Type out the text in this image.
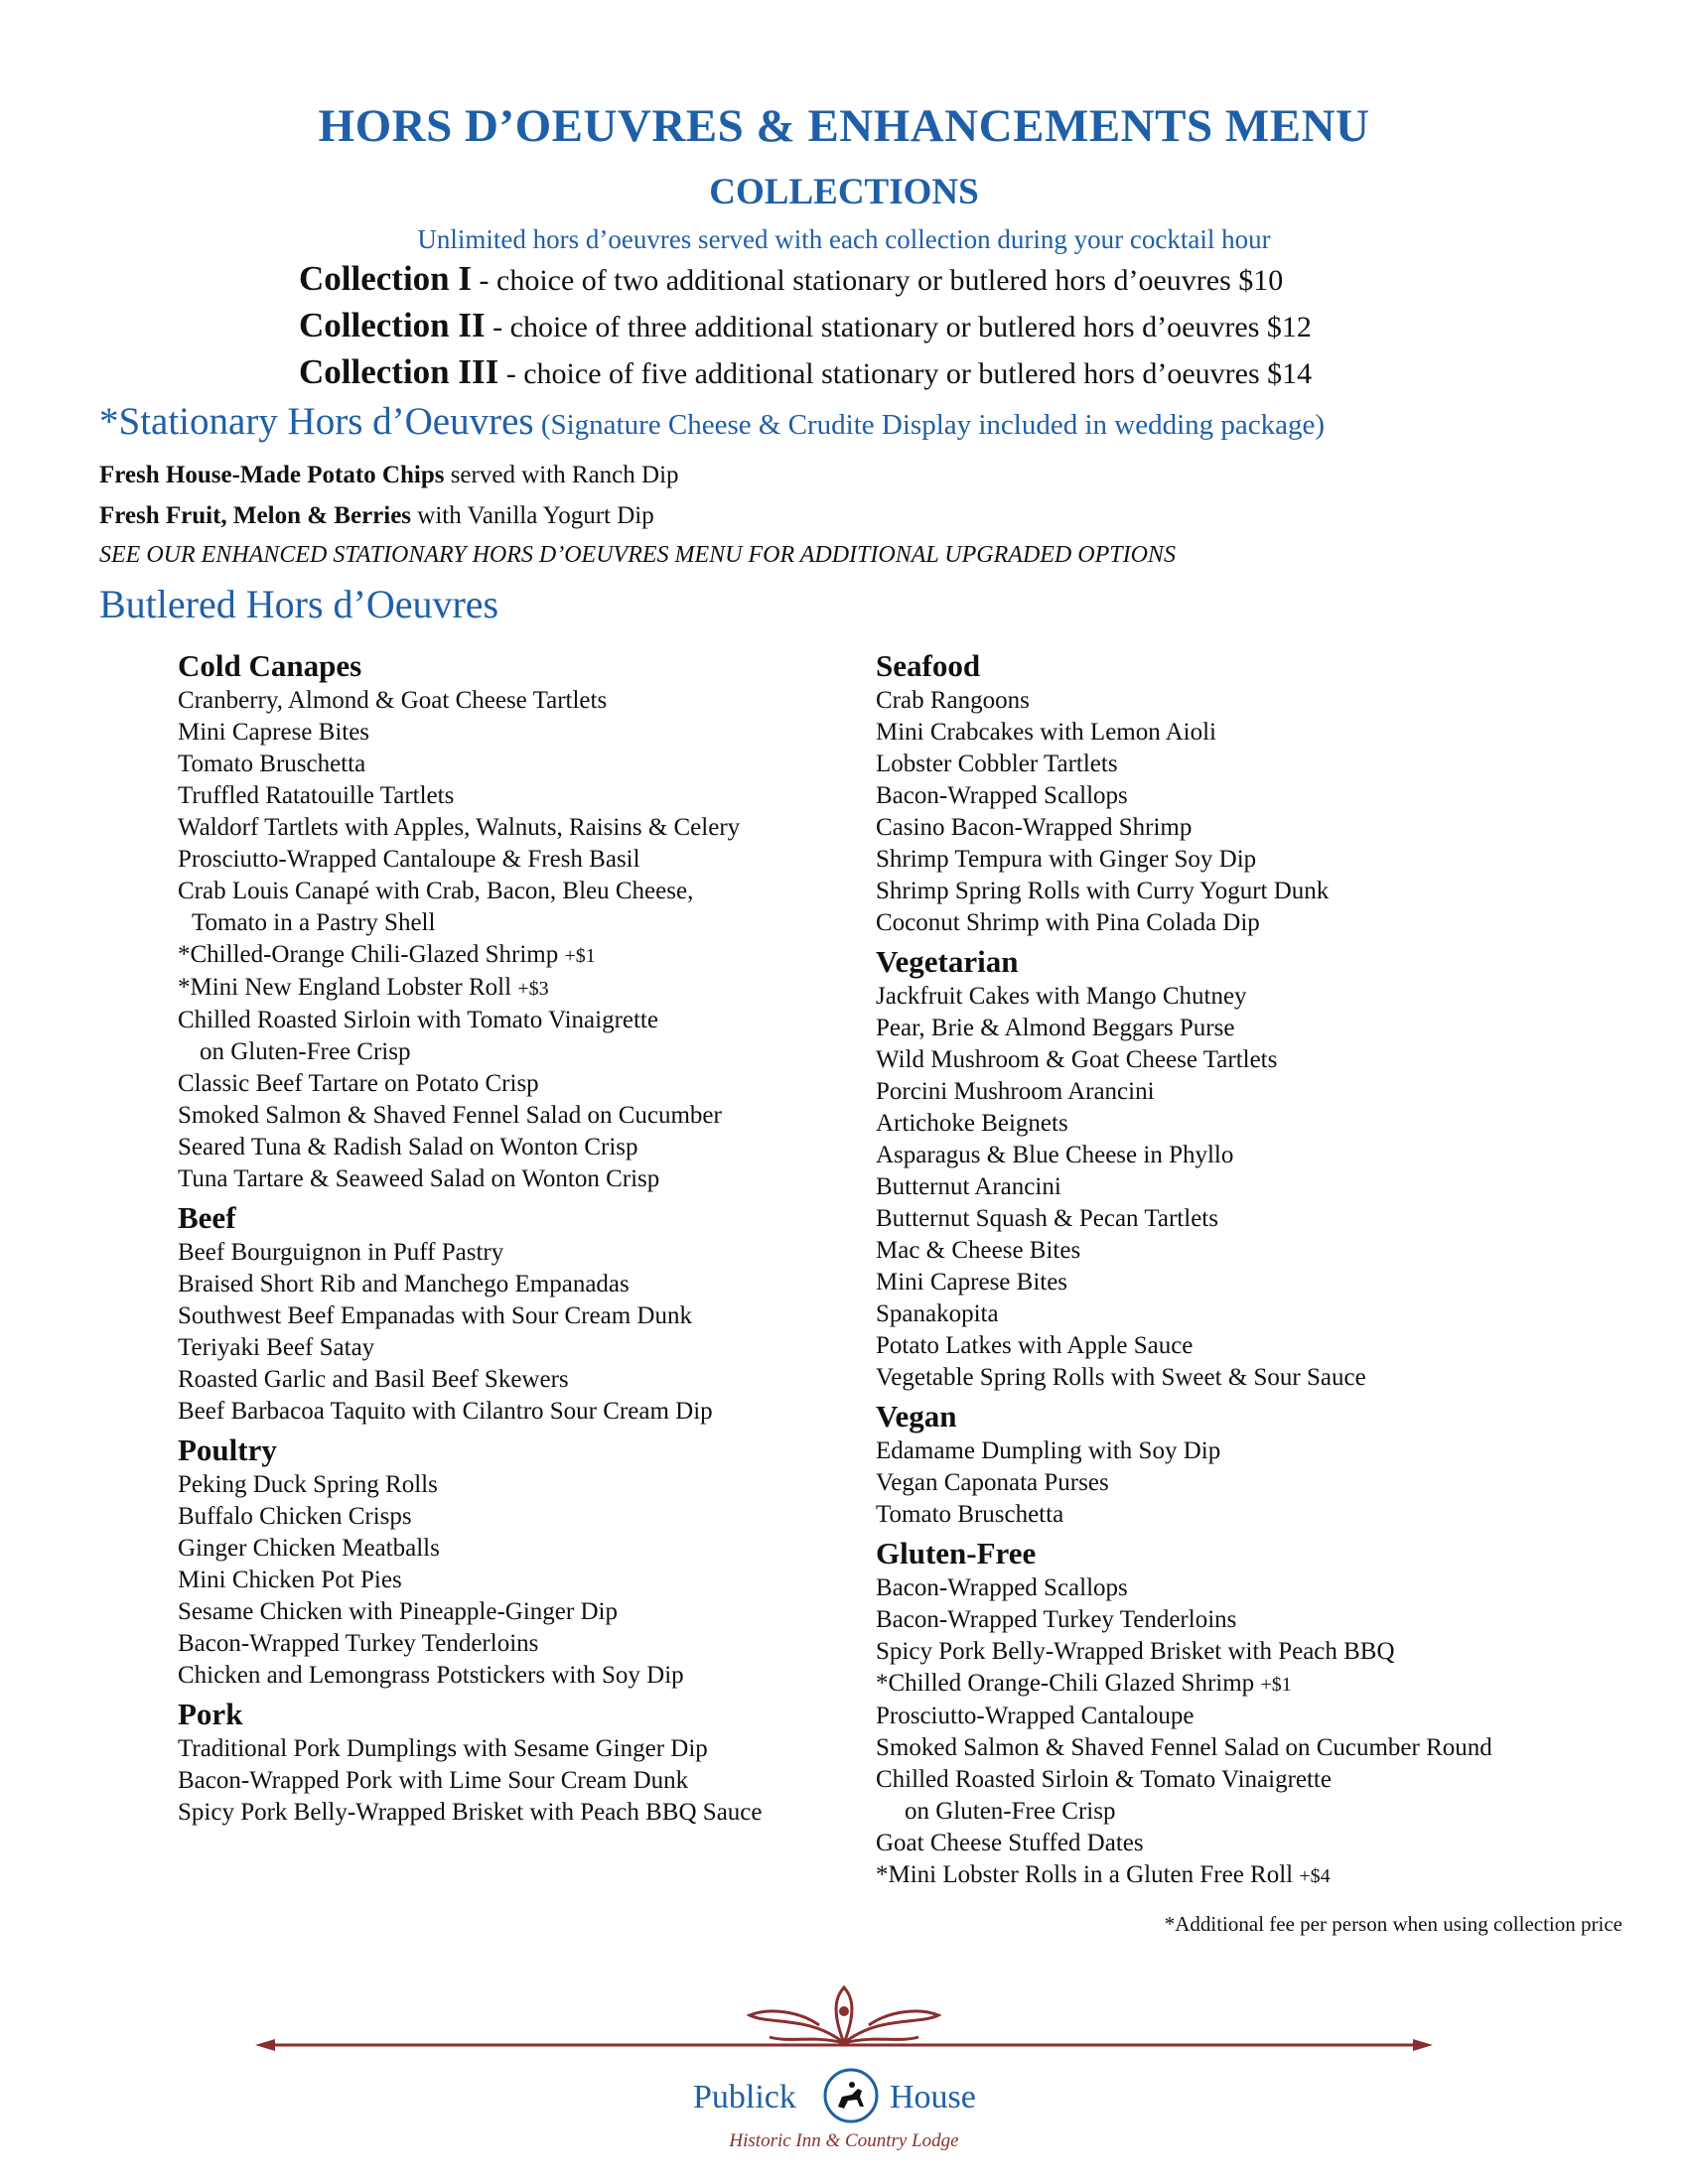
HORS D’OEUVRES & ENHANCEMENTS MENU
COLLECTIONS
Unlimited hors d’oeuvres served with each collection during your cocktail hour
Collection I - choice of two additional stationary or butlered hors d’oeuvres $10
Collection II - choice of three additional stationary or butlered hors d’oeuvres $12
Collection III - choice of five additional stationary or butlered hors d’oeuvres $14
*Stationary Hors d’Oeuvres (Signature Cheese & Crudite Display included in wedding package)
Fresh House-Made Potato Chips served with Ranch Dip
Fresh Fruit, Melon & Berries with Vanilla Yogurt Dip
SEE OUR ENHANCED STATIONARY HORS D’OEUVRES MENU FOR ADDITIONAL UPGRADED OPTIONS
Butlered Hors d’Oeuvres
Cold Canapes
Cranberry, Almond & Goat Cheese Tartlets
Mini Caprese Bites
Tomato Bruschetta
Truffled Ratatouille Tartlets
Waldorf Tartlets with Apples, Walnuts, Raisins & Celery
Prosciutto-Wrapped Cantaloupe & Fresh Basil
Crab Louis Canapé with Crab, Bacon, Bleu Cheese,
Tomato in a Pastry Shell
*Chilled-Orange Chili-Glazed Shrimp +$1
*Mini New England Lobster Roll +$3
Chilled Roasted Sirloin with Tomato Vinaigrette
on Gluten-Free Crisp
Classic Beef Tartare on Potato Crisp
Smoked Salmon & Shaved Fennel Salad on Cucumber
Seared Tuna & Radish Salad on Wonton Crisp
Tuna Tartare & Seaweed Salad on Wonton Crisp
Beef
Beef Bourguignon in Puff Pastry
Braised Short Rib and Manchego Empanadas
Southwest Beef Empanadas with Sour Cream Dunk
Teriyaki Beef Satay
Roasted Garlic and Basil Beef Skewers
Beef Barbacoa Taquito with Cilantro Sour Cream Dip
Poultry
Peking Duck Spring Rolls
Buffalo Chicken Crisps
Ginger Chicken Meatballs
Mini Chicken Pot Pies
Sesame Chicken with Pineapple-Ginger Dip
Bacon-Wrapped Turkey Tenderloins
Chicken and Lemongrass Potstickers with Soy Dip
Pork
Traditional Pork Dumplings with Sesame Ginger Dip
Bacon-Wrapped Pork with Lime Sour Cream Dunk
Spicy Pork Belly-Wrapped Brisket with Peach BBQ Sauce
Seafood
Crab Rangoons
Mini Crabcakes with Lemon Aioli
Lobster Cobbler Tartlets
Bacon-Wrapped Scallops
Casino Bacon-Wrapped Shrimp
Shrimp Tempura with Ginger Soy Dip
Shrimp Spring Rolls with Curry Yogurt Dunk
Coconut Shrimp with Pina Colada Dip
Vegetarian
Jackfruit Cakes with Mango Chutney
Pear, Brie & Almond Beggars Purse
Wild Mushroom & Goat Cheese Tartlets
Porcini Mushroom Arancini
Artichoke Beignets
Asparagus & Blue Cheese in Phyllo
Butternut Arancini
Butternut Squash & Pecan Tartlets
Mac & Cheese Bites
Mini Caprese Bites
Spanakopita
Potato Latkes with Apple Sauce
Vegetable Spring Rolls with Sweet & Sour Sauce
Vegan
Edamame Dumpling with Soy Dip
Vegan Caponata Purses
Tomato Bruschetta
Gluten-Free
Bacon-Wrapped Scallops
Bacon-Wrapped Turkey Tenderloins
Spicy Pork Belly-Wrapped Brisket with Peach BBQ
*Chilled Orange-Chili Glazed Shrimp +$1
Prosciutto-Wrapped Cantaloupe
Smoked Salmon & Shaved Fennel Salad on Cucumber Round
Chilled Roasted Sirloin & Tomato Vinaigrette
on Gluten-Free Crisp
Goat Cheese Stuffed Dates
*Mini Lobster Rolls in a Gluten Free Roll +$4
*Additional fee per person when using collection price
Publick	House
Historic Inn & Country Lodge
